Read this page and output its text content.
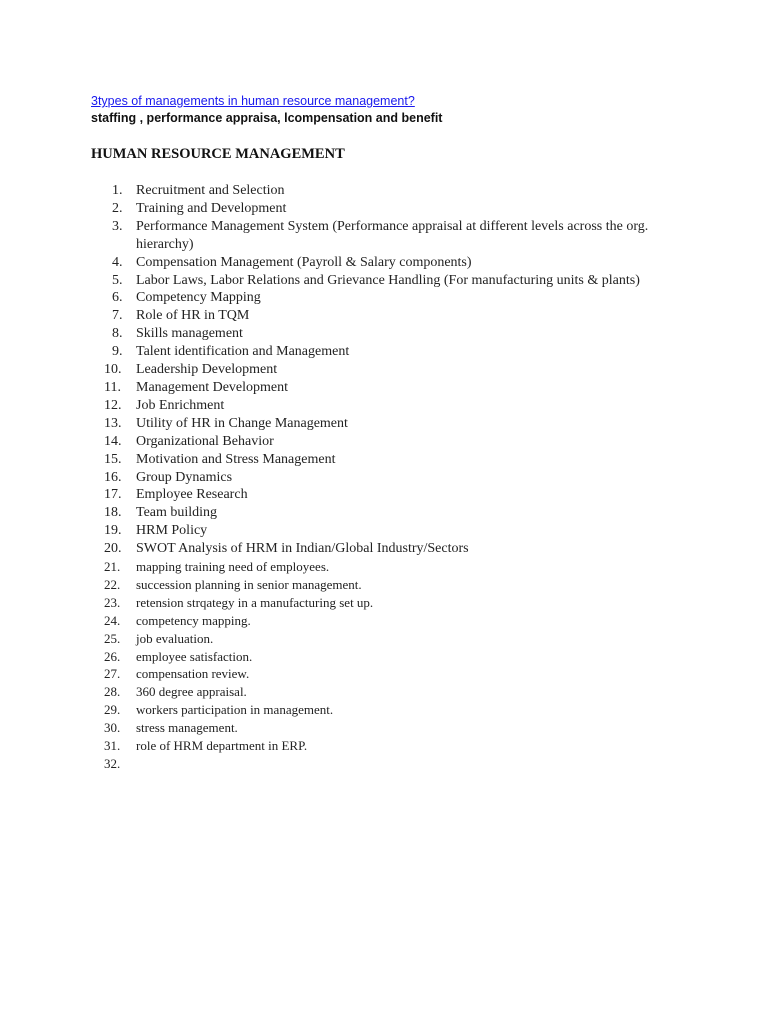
3types of managements in human resource management?
staffing , performance appraisa, lcompensation and benefit
HUMAN RESOURCE MANAGEMENT
1. Recruitment and Selection
2. Training and Development
3. Performance Management System (Performance appraisal at different levels across the org. hierarchy)
4. Compensation Management (Payroll & Salary components)
5. Labor Laws, Labor Relations and Grievance Handling (For manufacturing units & plants)
6. Competency Mapping
7. Role of HR in TQM
8. Skills management
9. Talent identification and Management
10. Leadership Development
11. Management Development
12. Job Enrichment
13. Utility of HR in Change Management
14. Organizational Behavior
15. Motivation and Stress Management
16. Group Dynamics
17. Employee Research
18. Team building
19. HRM Policy
20. SWOT Analysis of HRM in Indian/Global Industry/Sectors
21. mapping training need of employees.
22. succession planning in senior management.
23. retension strqategy in a manufacturing set up.
24. competency mapping.
25. job evaluation.
26. employee satisfaction.
27. compensation review.
28. 360 degree appraisal.
29. workers participation in management.
30. stress management.
31. role of HRM department in ERP.
32.
